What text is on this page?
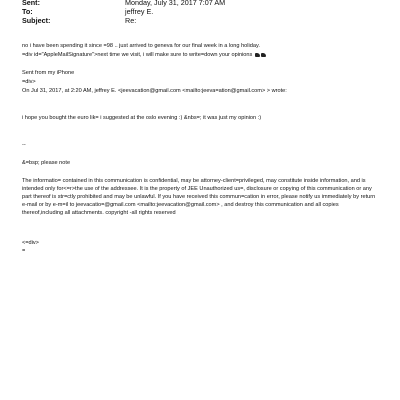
Sent:	Monday, July 31, 2017 7:07 AM
To:	jeffrey E.
Subject:	Re:
no i have been spending it since =98 .. just arrived to geneva for our final week in a long holiday.
=div id="AppleMailSignature">next time we visit, i will make sure to write=down your opinions
Sent from my iPhone
=div>
On Jul 31, 2017, at 2:20 AM, jeffrey E. <jeevacation@gmail.com <mailto:jeeva=ation@gmail.com> > wrote:
i hope you bought the euro lik= i suggested at the oslo evening :) &nbs=; it was just my opinion :)
--
&=bsp; please note
The informatio= contained in this communication is confidential, may be attorney-client=privileged, may constitute inside information, and is intended only for<=r>the use of the addressee. It is the property of JEE Unauthorized us=, disclosure or copying of this communication or any part thereof is str=ctly prohibited and may be unlawful. If you have received this commun=cation in error, please notify us immediately by return e-mail or by e-m=il to jeevacatio=@gmail.com <mailto:jeevacation@gmail.com> , and destroy this communication and all copies thereof,including all attachments. copyright -all rights reserved
<=div>
=
